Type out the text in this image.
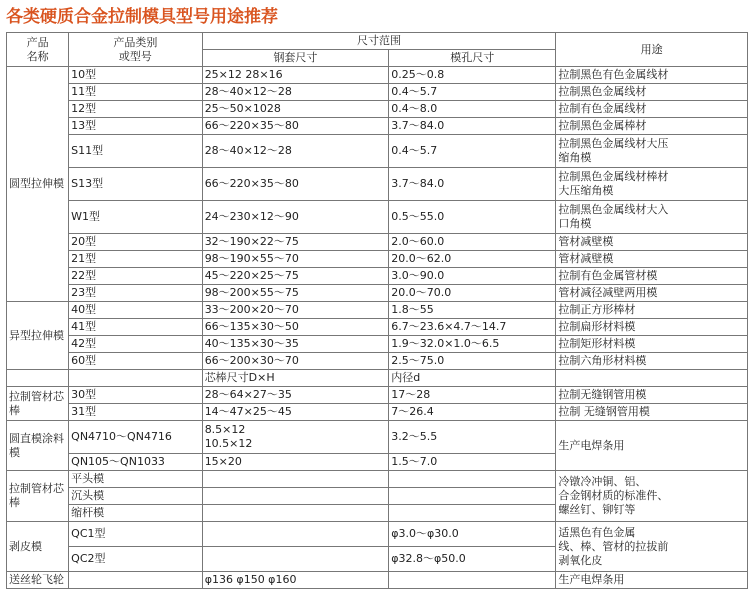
各类硬质合金拉制模具型号用途推荐
产品
名称	产品类别
或型号	尺寸范围		用途
		钢套尺寸	模孔尺寸	
圆型拉伸模	10型	25×12 28×16	0.25～0.8	拉制黑色有色金属线材

	11型	28～40×12～28	0.4～5.7	拉制黑色金属线材

	12型	25～50×1028	0.4～8.0	拉制有色金属线材

	13型	66～220×35～80	3.7～84.0	拉制黑色金属棒材

	S11型	28～40×12～28	0.4～5.7	拉制黑色金属线材大压
缩角模

	S13型	66～220×35～80	3.7～84.0	拉制黑色金属线材棒材
大压缩角模

	W1型	24～230×12～90	0.5～55.0	拉制黑色金属线材大入
口角模

	20型	32～190×22～75	2.0～60.0	管材减壁模

	21型	98～190×55～70	20.0～62.0	管材减壁模

	22型	45～220×25～75	3.0～90.0	拉制有色金属管材模

	23型	98～200×55～75	20.0～70.0	管材减径减壁两用模

异型拉伸模	40型	33～200×20～70	1.8～55	拉制正方形棒材
	41型	66～135×30～50	6.7～23.6×4.7～14.7	拉制扁形材料模
	42型	40～135×30～35	1.9～32.0×1.0～6.5	拉制矩形材料模
	60型	66～200×30～70	2.5～75.0	拉制六角形材料模
		芯棒尺寸D×H	内径d	

拉制管材芯
棒	30型	28～64×27～35	17～28	拉制无缝钢管用模
	31型	14～47×25～45	7～26.4	拉制 无缝钢管用模

圆直模涂料
模	QN4710～QN4716	8.5×12
10.5×12	3.2～5.5	生产电焊条用
	QN105～QN1033	15×20	1.5～7.0	

拉制管材芯
棒	平头模			冷镦冷冲铜、铝、
合金钢材质的标准件、
螺丝钉、铆钉等

	沉头模			
	缩杆模			
剥皮模	QC1型		φ3.0～φ30.0	适黑色有色金属
线、棒、管材的拉拔前
剥氧化皮

	QC2型		φ32.8～φ50.0	
送丝轮飞轮		φ136 φ150 φ160		生产电焊条用
